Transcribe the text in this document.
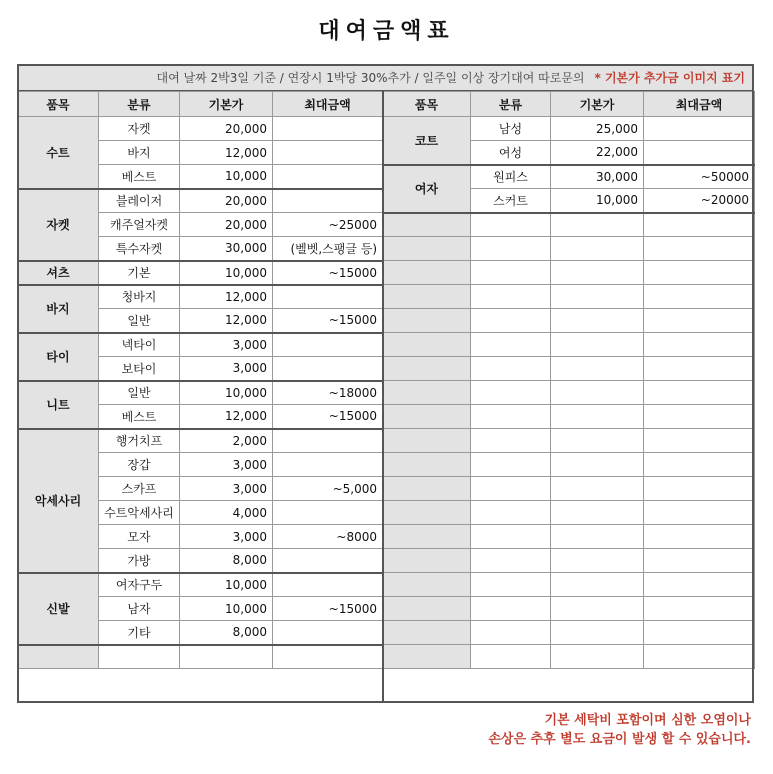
대여금액표
대여 날짜 2박3일 기준 / 연장시 1박당 30%추가 / 일주일 이상 장기대여 따로문의 * 기본가 추가금 이미지 표기
품목	분류	기본가	최대금액	품목	분류	기본가	최대금액
수트	자켓	20,000		코트	남성	25,000	
	바지	12,000			여성	22,000	
	베스트	10,000		여자	원피스	30,000	~50000
자켓	블레이저	20,000			스커트	10,000	~20000
	캐주얼자켓	20,000	~25000				
	특수자켓	30,000	(벨벳,스팽글 등)				
셔츠	기본	10,000	~15000				
바지	청바지	12,000					
	일반	12,000	~15000				
타이	넥타이	3,000					
	보타이	3,000					
니트	일반	10,000	~18000				
	베스트	12,000	~15000				
악세사리	행거치프	2,000					
	장갑	3,000					
	스카프	3,000	~5,000				
	수트악세사리	4,000					
	모자	3,000	~8000				
	가방	8,000					
신발	여자구두	10,000					
	남자	10,000	~15000				
	기타	8,000					

기본 세탁비 포함이며 심한 오염이나
손상은 추후 별도 요금이 발생 할 수 있습니다.
